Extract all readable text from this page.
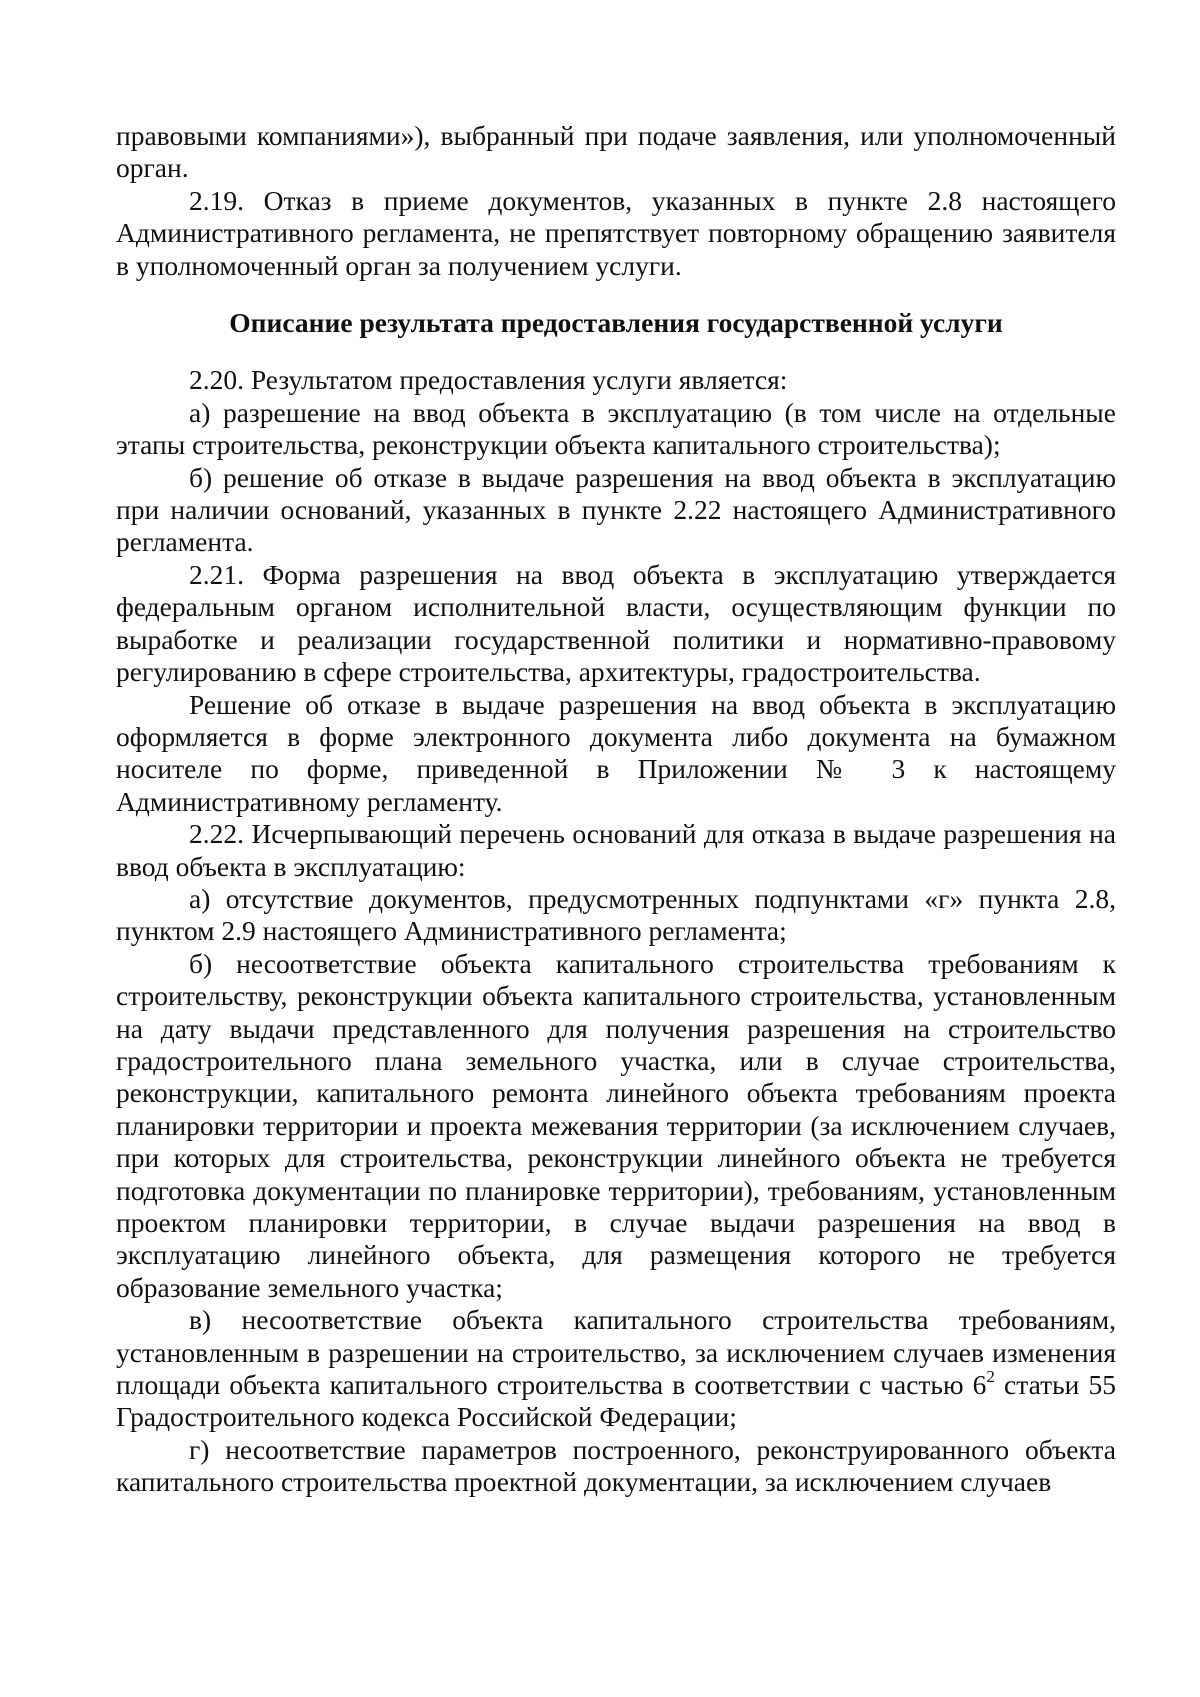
правовыми компаниями»), выбранный при подаче заявления, или уполномоченный орган.

2.19. Отказ в приеме документов, указанных в пункте 2.8 настоящего Административного регламента, не препятствует повторному обращению заявителя в уполномоченный орган за получением услуги.

Описание результата предоставления государственной услуги

2.20. Результатом предоставления услуги является:

а) разрешение на ввод объекта в эксплуатацию (в том числе на отдельные этапы строительства, реконструкции объекта капитального строительства);

б) решение об отказе в выдаче разрешения на ввод объекта в эксплуатацию при наличии оснований, указанных в пункте 2.22 настоящего Административного регламента.

2.21. Форма разрешения на ввод объекта в эксплуатацию утверждается федеральным органом исполнительной власти, осуществляющим функции по выработке и реализации государственной политики и нормативно-правовому регулированию в сфере строительства, архитектуры, градостроительства.

Решение об отказе в выдаче разрешения на ввод объекта в эксплуатацию оформляется в форме электронного документа либо документа на бумажном носителе по форме, приведенной в Приложении № 3 к настоящему Административному регламенту.

2.22. Исчерпывающий перечень оснований для отказа в выдаче разрешения на ввод объекта в эксплуатацию:

а) отсутствие документов, предусмотренных подпунктами «г» пункта 2.8, пунктом 2.9 настоящего Административного регламента;

б) несоответствие объекта капитального строительства требованиям к строительству, реконструкции объекта капитального строительства, установленным на дату выдачи представленного для получения разрешения на строительство градостроительного плана земельного участка, или в случае строительства, реконструкции, капитального ремонта линейного объекта требованиям проекта планировки территории и проекта межевания территории (за исключением случаев, при которых для строительства, реконструкции линейного объекта не требуется подготовка документации по планировке территории), требованиям, установленным проектом планировки территории, в случае выдачи разрешения на ввод в эксплуатацию линейного объекта, для размещения которого не требуется образование земельного участка;

в) несоответствие объекта капитального строительства требованиям, установленным в разрешении на строительство, за исключением случаев изменения площади объекта капитального строительства в соответствии с частью $6^2$ статьи 55 Градостроительного кодекса Российской Федерации;

г) несоответствие параметров построенного, реконструированного объекта капитального строительства проектной документации, за исключением случаев
